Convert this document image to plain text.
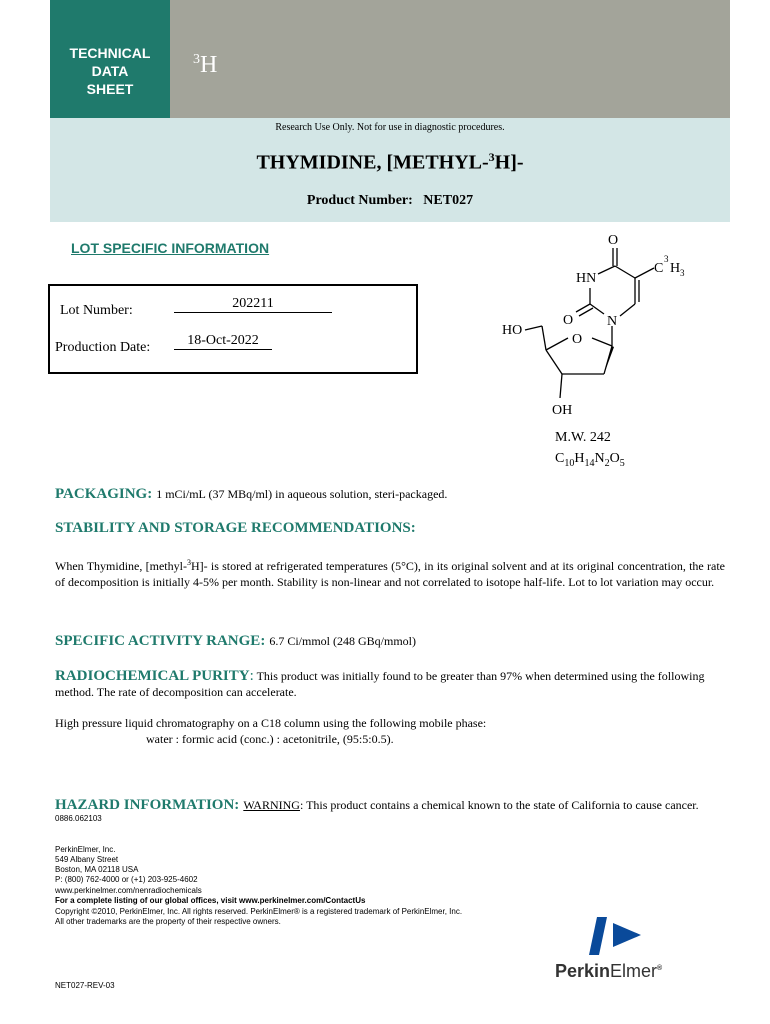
TECHNICAL
DATA
SHEET
$^3$H
Research Use Only. Not for use in diagnostic procedures.
THYMIDINE, [METHYL-$^3$H]-
Product Number: NET027
LOT SPECIFIC INFORMATION
Lot Number:	202211
Production Date:	18-Oct-2022
O
C
3
H 3
HN
O N
HO
O
OH
M.W. 242
$C_{10}H_{14}N_2O_5$
PACKAGING: 1 mCi/mL (37 MBq/ml) in aqueous solution, steri-packaged.
STABILITY AND STORAGE RECOMMENDATIONS:
When Thymidine, [methyl-$^3$H]- is stored at refrigerated temperatures (5°C), in its original solvent and at its original concentration, the rate of decomposition is initially 4-5% per month. Stability is non-linear and not correlated to isotope half-life. Lot to lot variation may occur.
SPECIFIC ACTIVITY RANGE: 6.7 Ci/mmol (248 GBq/mmol)
RADIOCHEMICAL PURITY: This product was initially found to be greater than 97% when determined using the following method. The rate of decomposition can accelerate.
High pressure liquid chromatography on a C18 column using the following mobile phase:
water : formic acid (conc.) : acetonitrile, (95:5:0.5).
HAZARD INFORMATION: WARNING: This product contains a chemical known to the state of California to cause cancer.
0886.062103
PerkinElmer, Inc.
549 Albany Street
Boston, MA 02118 USA
P: (800) 762-4000 or (+1) 203-925-4602
www.perkinelmer.com/nenradiochemicals
For a complete listing of our global offices, visit www.perkinelmer.com/ContactUs
Copyright ©2010, PerkinElmer, Inc. All rights reserved. PerkinElmer® is a registered trademark of PerkinElmer, Inc.
All other trademarks are the property of their respective owners.
NET027-REV-03
PerkinElmer®
